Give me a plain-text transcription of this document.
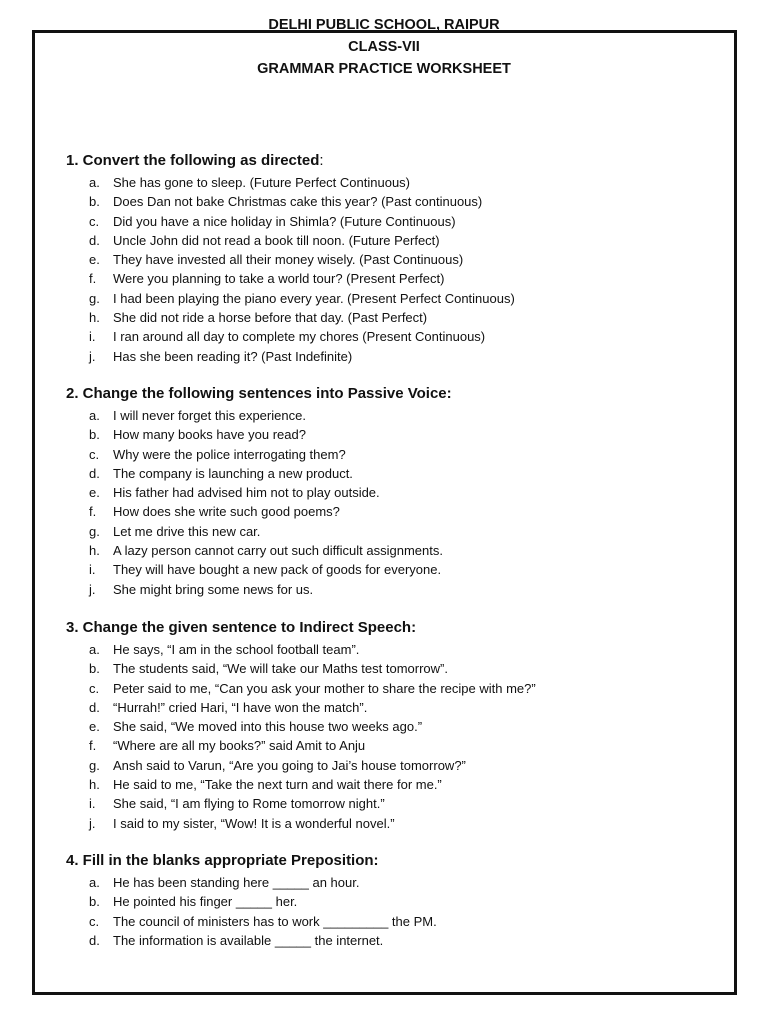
DELHI PUBLIC SCHOOL, RAIPUR
CLASS-VII
GRAMMAR PRACTICE WORKSHEET
1. Convert the following as directed:
a. She has gone to sleep. (Future Perfect Continuous)
b. Does Dan not bake Christmas cake this year? (Past continuous)
c. Did you have a nice holiday in Shimla? (Future Continuous)
d. Uncle John did not read a book till noon. (Future Perfect)
e. They have invested all their money wisely. (Past Continuous)
f. Were you planning to take a world tour? (Present Perfect)
g. I had been playing the piano every year. (Present Perfect Continuous)
h. She did not ride a horse before that day. (Past Perfect)
i. I ran around all day to complete my chores (Present Continuous)
j. Has she been reading it? (Past Indefinite)
2. Change the following sentences into Passive Voice:
a. I will never forget this experience.
b. How many books have you read?
c. Why were the police interrogating them?
d. The company is launching a new product.
e. His father had advised him not to play outside.
f. How does she write such good poems?
g. Let me drive this new car.
h. A lazy person cannot carry out such difficult assignments.
i. They will have bought a new pack of goods for everyone.
j. She might bring some news for us.
3. Change the given sentence to Indirect Speech:
a. He says, “I am in the school football team”.
b. The students said, “We will take our Maths test tomorrow”.
c. Peter said to me, “Can you ask your mother to share the recipe with me?”
d. “Hurrah!” cried Hari, “I have won the match”.
e. She said, “We moved into this house two weeks ago.”
f. “Where are all my books?” said Amit to Anju
g. Ansh said to Varun, “Are you going to Jai’s house tomorrow?”
h. He said to me, “Take the next turn and wait there for me.”
i. She said, “I am flying to Rome tomorrow night.”
j. I said to my sister, “Wow! It is a wonderful novel.”
4. Fill in the blanks appropriate Preposition:
a. He has been standing here _____ an hour.
b. He pointed his finger _____ her.
c. The council of ministers has to work _________ the PM.
d. The information is available _____ the internet.
